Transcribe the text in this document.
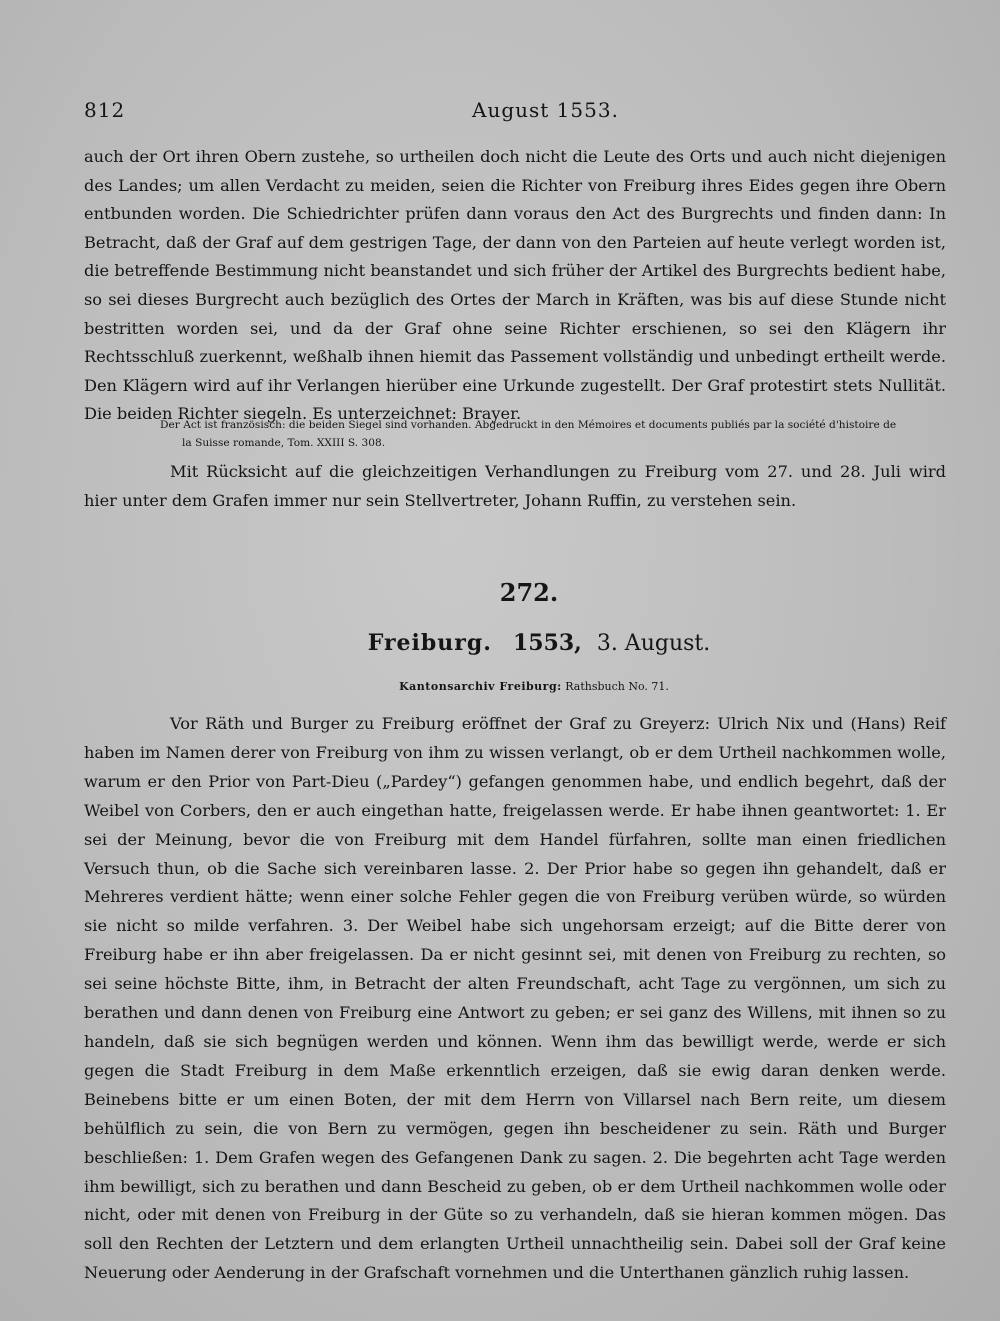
812	August 1553.

auch der Ort ihren Obern zustehe, so urtheilen doch nicht die Leute des Orts und auch nicht diejenigen des Landes; um allen Verdacht zu meiden, seien die Richter von Freiburg ihres Eides gegen ihre Obern entbunden worden. Die Schiedrichter prüfen dann voraus den Act des Burgrechts und finden dann: In Betracht, daß der Graf auf dem gestrigen Tage, der dann von den Parteien auf heute verlegt worden ist, die betreffende Bestimmung nicht beanstandet und sich früher der Artikel des Burgrechts bedient habe, so sei dieses Burgrecht auch bezüglich des Ortes der March in Kräften, was bis auf diese Stunde nicht bestritten worden sei, und da der Graf ohne seine Richter erschienen, so sei den Klägern ihr Rechtsschluß zuerkennt, weßhalb ihnen hiemit das Passement vollständig und unbedingt ertheilt werde. Den Klägern wird auf ihr Verlangen hierüber eine Urkunde zugestellt. Der Graf protestirt stets Nullität. Die beiden Richter siegeln. Es unterzeichnet: Brayer.

Der Act ist französisch: die beiden Siegel sind vorhanden. Abgedruckt in den Mémoires et documents publiés par la société d'histoire de
la Suisse romande, Tom. XXIII S. 308.

Mit Rücksicht auf die gleichzeitigen Verhandlungen zu Freiburg vom 27. und 28. Juli wird hier unter dem Grafen immer nur sein Stellvertreter, Johann Ruffin, zu verstehen sein.

272.
Freiburg. 1553, 3. August.
Kantonsarchiv Freiburg: Rathsbuch No. 71.

Vor Räth und Burger zu Freiburg eröffnet der Graf zu Greyerz: Ulrich Nix und (Hans) Reif haben im Namen derer von Freiburg von ihm zu wissen verlangt, ob er dem Urtheil nachkommen wolle, warum er den Prior von Part-Dieu („Pardey“) gefangen genommen habe, und endlich begehrt, daß der Weibel von Corbers, den er auch eingethan hatte, freigelassen werde. Er habe ihnen geantwortet: 1. Er sei der Meinung, bevor die von Freiburg mit dem Handel fürfahren, sollte man einen friedlichen Versuch thun, ob die Sache sich vereinbaren lasse. 2. Der Prior habe so gegen ihn gehandelt, daß er Mehreres verdient hätte; wenn einer solche Fehler gegen die von Freiburg verüben würde, so würden sie nicht so milde verfahren. 3. Der Weibel habe sich ungehorsam erzeigt; auf die Bitte derer von Freiburg habe er ihn aber freigelassen. Da er nicht gesinnt sei, mit denen von Freiburg zu rechten, so sei seine höchste Bitte, ihm, in Betracht der alten Freundschaft, acht Tage zu vergönnen, um sich zu berathen und dann denen von Freiburg eine Antwort zu geben; er sei ganz des Willens, mit ihnen so zu handeln, daß sie sich begnügen werden und können. Wenn ihm das bewilligt werde, werde er sich gegen die Stadt Freiburg in dem Maße erkenntlich erzeigen, daß sie ewig daran denken werde. Beinebens bitte er um einen Boten, der mit dem Herrn von Villarsel nach Bern reite, um diesem behülflich zu sein, die von Bern zu vermögen, gegen ihn bescheidener zu sein. Räth und Burger beschließen: 1. Dem Grafen wegen des Gefangenen Dank zu sagen. 2. Die begehrten acht Tage werden ihm bewilligt, sich zu berathen und dann Bescheid zu geben, ob er dem Urtheil nachkommen wolle oder nicht, oder mit denen von Freiburg in der Güte so zu verhandeln, daß sie hieran kommen mögen. Das soll den Rechten der Letztern und dem erlangten Urtheil unnachtheilig sein. Dabei soll der Graf keine Neuerung oder Aenderung in der Grafschaft vornehmen und die Unterthanen gänzlich ruhig lassen.
